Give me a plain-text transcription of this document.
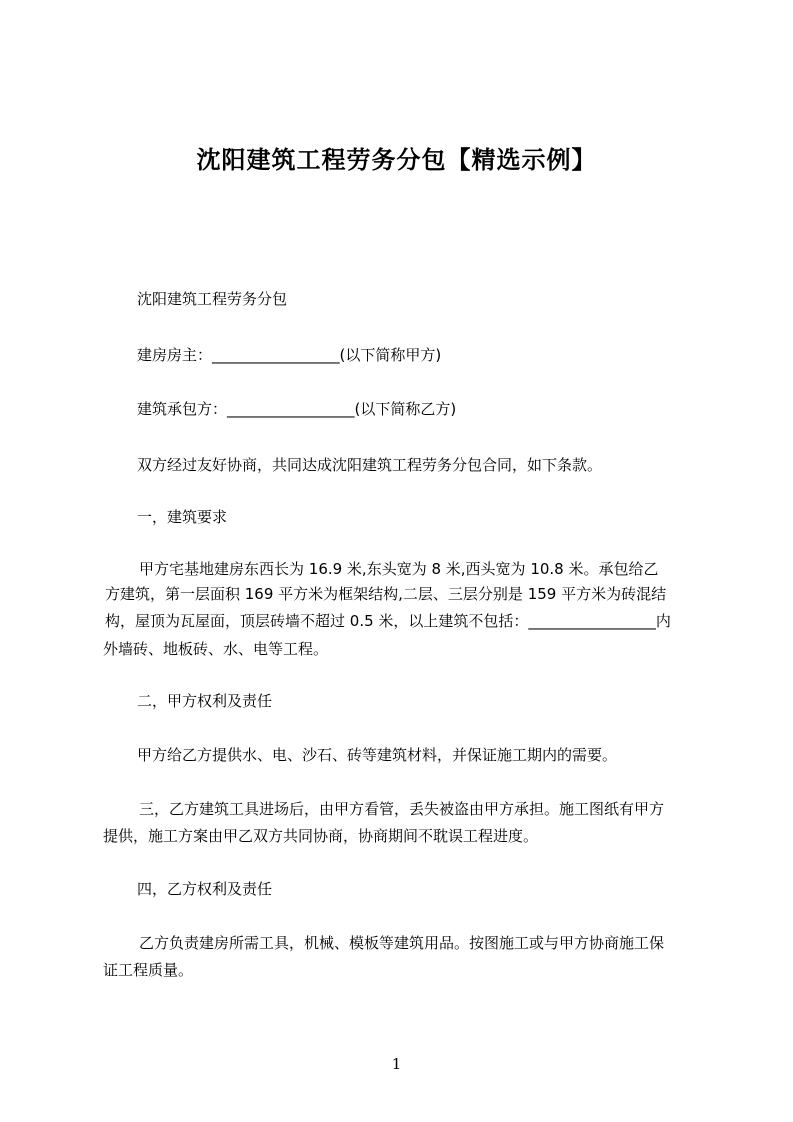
沈阳建筑工程劳务分包【精选示例】
沈阳建筑工程劳务分包
建房房主：_________________(以下简称甲方)
建筑承包方：_________________(以下简称乙方)
双方经过友好协商，共同达成沈阳建筑工程劳务分包合同，如下条款。
一，建筑要求
甲方宅基地建房东西长为 16.9 米,东头宽为 8 米,西头宽为 10.8 米。承包给乙
方建筑，第一层面积 169 平方米为框架结构,二层、三层分别是 159 平方米为砖混结
构，屋顶为瓦屋面，顶层砖墙不超过 0.5 米，以上建筑不包括：_________________内
外墙砖、地板砖、水、电等工程。
二，甲方权利及责任
甲方给乙方提供水、电、沙石、砖等建筑材料，并保证施工期内的需要。
三，乙方建筑工具进场后，由甲方看管，丢失被盗由甲方承担。施工图纸有甲方
提供，施工方案由甲乙双方共同协商，协商期间不耽误工程进度。
四，乙方权利及责任
乙方负责建房所需工具，机械、模板等建筑用品。按图施工或与甲方协商施工保
证工程质量。
1
